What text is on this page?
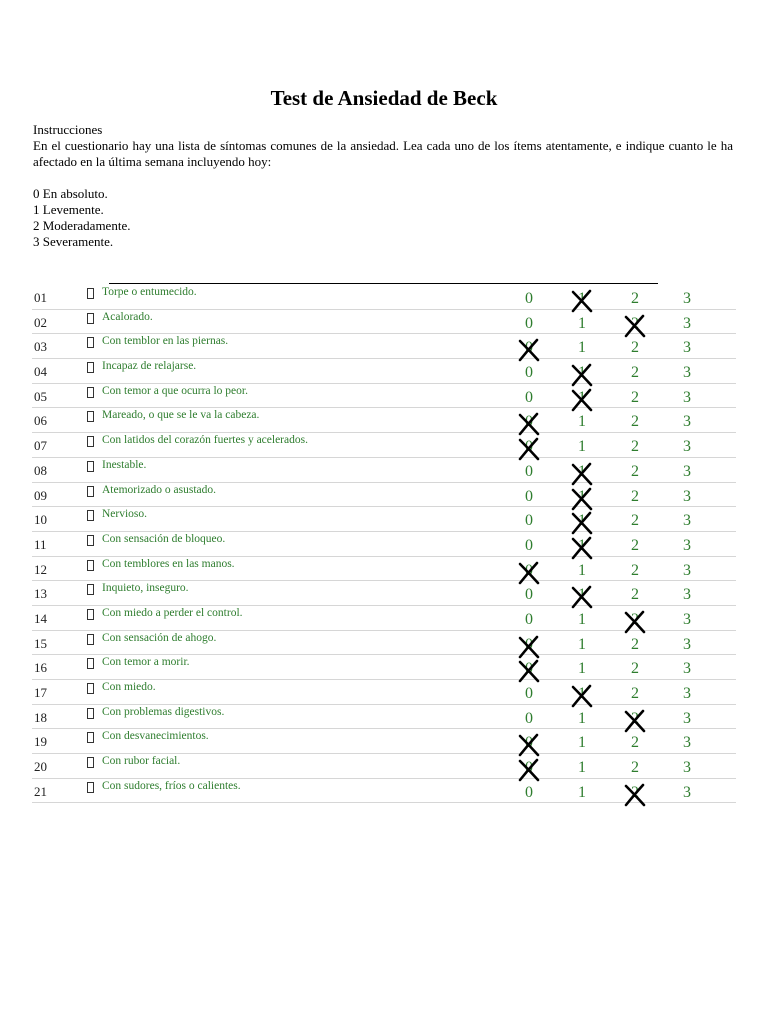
Test de Ansiedad de Beck
Instrucciones
En el cuestionario hay una lista de síntomas comunes de la ansiedad. Lea cada uno de los ítems atentamente, e indique cuanto le ha afectado en la última semana incluyendo hoy:
0 En absoluto.
1 Levemente.
2 Moderadamente.
3 Severamente.
01	Torpe o entumecido.	0	1	2	3
02	Acalorado.	0	1	2	3
03	Con temblor en las piernas.	0	1	2	3
04	Incapaz de relajarse.	0	1	2	3
05	Con temor a que ocurra lo peor.	0	1	2	3
06	Mareado, o que se le va la cabeza.	0	1	2	3
07	Con latidos del corazón fuertes y acelerados.	0	1	2	3
08	Inestable.	0	1	2	3
09	Atemorizado o asustado.	0	1	2	3
10	Nervioso.	0	1	2	3
11	Con sensación de bloqueo.	0	1	2	3
12	Con temblores en las manos.	0	1	2	3
13	Inquieto, inseguro.	0	1	2	3
14	Con miedo a perder el control.	0	1	2	3
15	Con sensación de ahogo.	0	1	2	3
16	Con temor a morir.	0	1	2	3
17	Con miedo.	0	1	2	3
18	Con problemas digestivos.	0	1	2	3
19	Con desvanecimientos.	0	1	2	3
20	Con rubor facial.	0	1	2	3
21	Con sudores, fríos o calientes.	0	1	2	3
